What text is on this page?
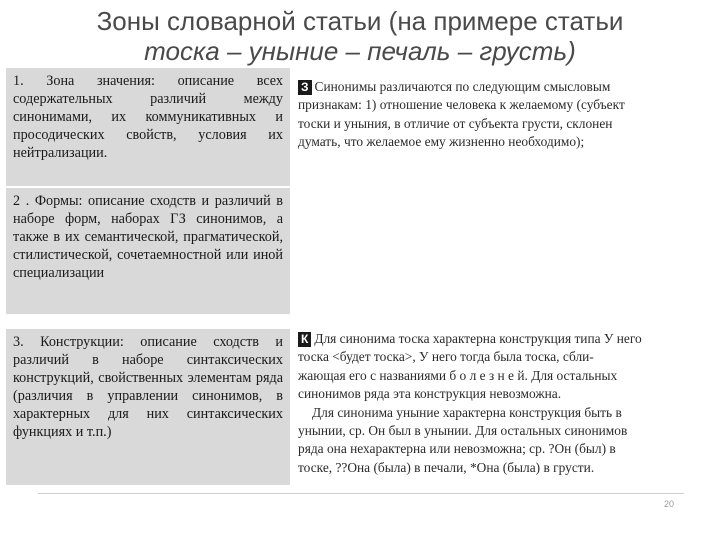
Зоны словарной статьи (на примере статьи
тоска – уныние – печаль – грусть)
1. Зона значения: описание всех содержательных различий между синонимами, их коммуникативных и просодических свойств, условия их нейтрализации.
2 . Формы: описание сходств и различий в наборе форм, наборах ГЗ синонимов, а также в их семантической, прагматической, стилистической, сочетаемностной или иной специализации
3. Конструкции: описание сходств и различий в наборе синтаксических конструкций, свойственных элементам ряда (различия в управлении синонимов, в характерных для них синтаксических функциях и т.п.)
З Синонимы различаются по следующим смысловым
признакам: 1) отношение человека к желаемому (субъект
тоски и уныния, в отличие от субъекта грусти, склонен
думать, что желаемое ему жизненно необходимо);
К Для синонима тоска характерна конструкция типа У него
тоска <будет тоска>, У него тогда была тоска, сбли-
жающая его с названиями б о л е з н е й. Для остальных
синонимов ряда эта конструкция невозможна.
Для синонима уныние характерна конструкция быть в
унынии, ср. Он был в унынии. Для остальных синонимов
ряда она нехарактерна или невозможна; ср. ?Он (был) в
тоске, ??Она (была) в печали, *Она (была) в грусти.
20
